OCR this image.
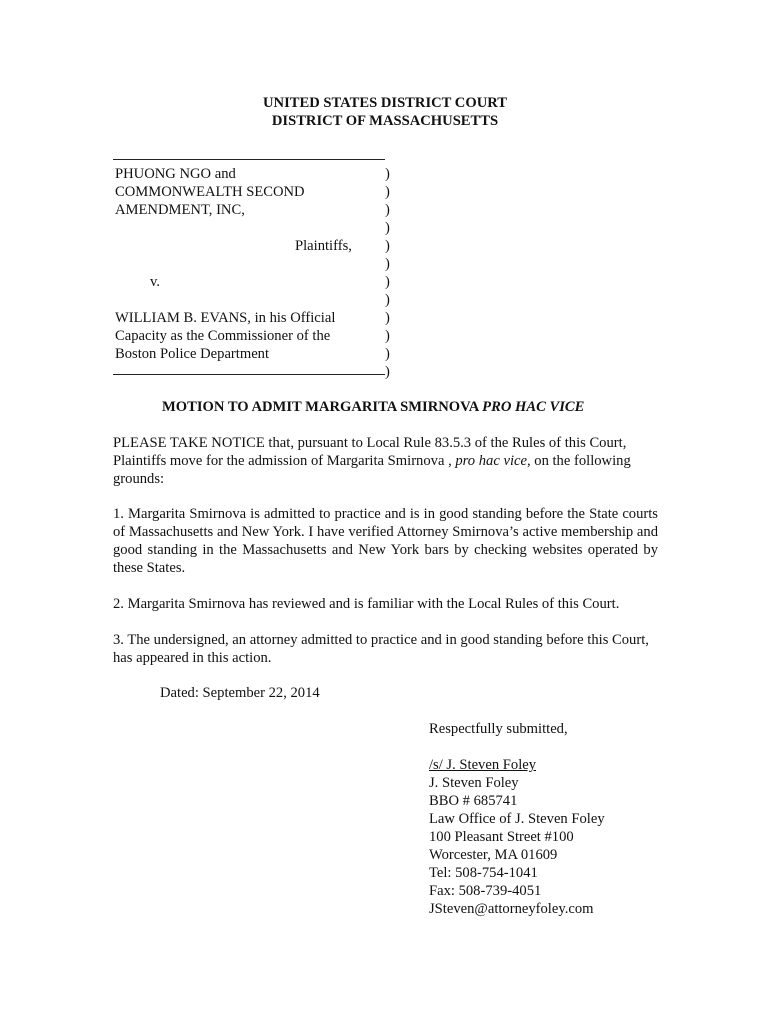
UNITED STATES DISTRICT COURT
DISTRICT OF MASSACHUSETTS
PHUONG NGO and
COMMONWEALTH SECOND
AMENDMENT, INC,
Plaintiffs,
v.
WILLIAM B. EVANS, in his Official
Capacity as the Commissioner of the
Boston Police Department
)
)
)
)
)
)
)
)
)
)
)
)
MOTION TO ADMIT MARGARITA SMIRNOVA PRO HAC VICE
PLEASE TAKE NOTICE that, pursuant to Local Rule 83.5.3 of the Rules of this Court, Plaintiffs move for the admission of Margarita Smirnova , pro hac vice, on the following grounds:
1. Margarita Smirnova is admitted to practice and is in good standing before the State courts of Massachusetts and New York. I have verified Attorney Smirnova’s active membership and good standing in the Massachusetts and New York bars by checking websites operated by these States.
2. Margarita Smirnova has reviewed and is familiar with the Local Rules of this Court.
3. The undersigned, an attorney admitted to practice and in good standing before this Court, has appeared in this action.
Dated: September 22, 2014
Respectfully submitted,
/s/ J. Steven Foley
J. Steven Foley
BBO # 685741
Law Office of J. Steven Foley
100 Pleasant Street #100
Worcester, MA 01609
Tel: 508-754-1041
Fax: 508-739-4051
JSteven@attorneyfoley.com
